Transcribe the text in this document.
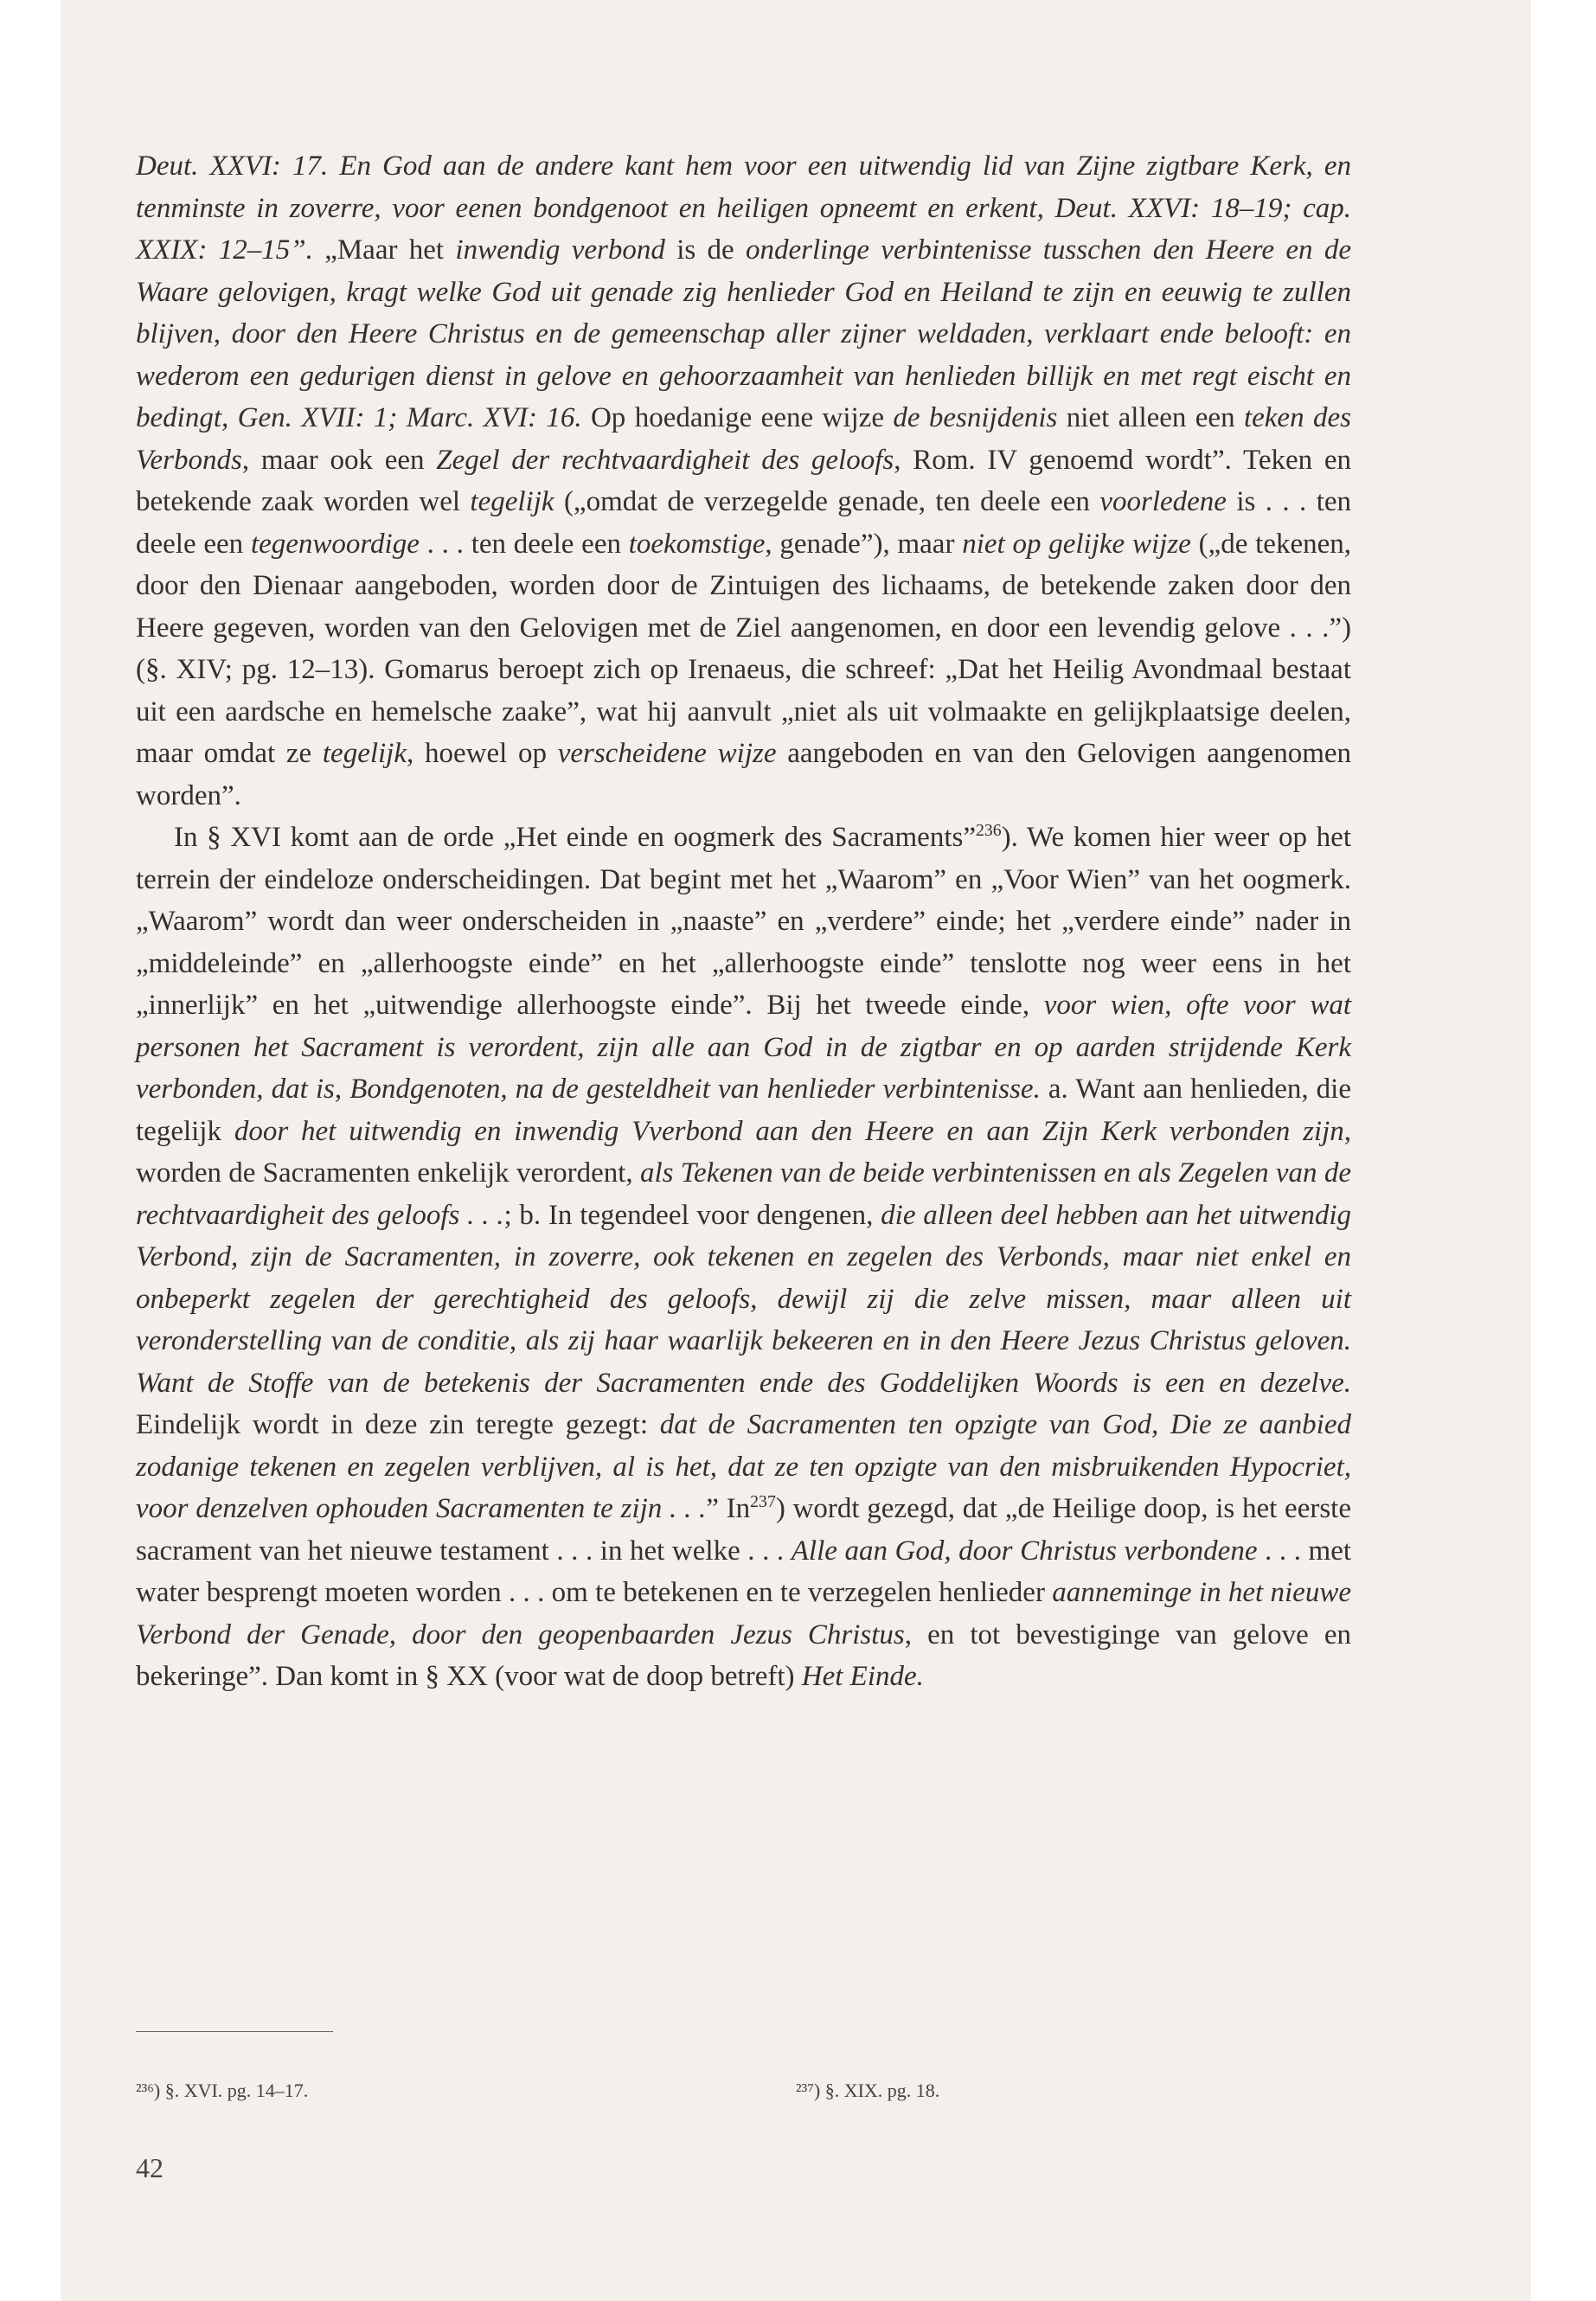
Deut. XXVI: 17. En God aan de andere kant hem voor een uitwendig lid van Zijne zigtbare Kerk, en tenminste in zoverre, voor eenen bondgenoot en heiligen opneemt en erkent, Deut. XXVI: 18–19; cap. XXIX: 12–15”. „Maar het inwendig verbond is de onderlinge verbintenisse tusschen den Heere en de Waare gelovigen, kragt welke God uit genade zig henlieder God en Heiland te zijn en eeuwig te zullen blijven, door den Heere Christus en de gemeenschap aller zijner weldaden, verklaart ende belooft: en wederom een gedurigen dienst in gelove en gehoorzaamheit van henlieden billijk en met regt eischt en bedingt, Gen. XVII: 1; Marc. XVI: 16. Op hoedanige eene wijze de besnijdenis niet alleen een teken des Verbonds, maar ook een Zegel der rechtvaardigheit des geloofs, Rom. IV genoemd wordt”. Teken en betekende zaak worden wel tegelijk („omdat de verzegelde genade, ten deele een voorledene is . . . ten deele een tegenwoordige . . . ten deele een toekomstige, genade”), maar niet op gelijke wijze („de tekenen, door den Dienaar aangeboden, worden door de Zintuigen des lichaams, de betekende zaken door den Heere gegeven, worden van den Gelovigen met de Ziel aangenomen, en door een levendig gelove . . .”) (§. XIV; pg. 12–13). Gomarus beroept zich op Irenaeus, die schreef: „Dat het Heilig Avondmaal bestaat uit een aardsche en hemelsche zaake”, wat hij aanvult „niet als uit volmaakte en gelijkplaatsige deelen, maar omdat ze tegelijk, hoewel op verscheidene wijze aangeboden en van den Gelovigen aangenomen worden”.

In § XVI komt aan de orde „Het einde en oogmerk des Sacraments”$^{236}$). We komen hier weer op het terrein der eindeloze onderscheidingen. Dat begint met het „Waarom” en „Voor Wien” van het oogmerk. „Waarom” wordt dan weer onderscheiden in „naaste” en „verdere” einde; het „verdere einde” nader in „middeleinde” en „allerhoogste einde” en het „allerhoogste einde” tenslotte nog weer eens in het „innerlijk” en het „uitwendige allerhoogste einde”. Bij het tweede einde, voor wien, ofte voor wat personen het Sacrament is verordent, zijn alle aan God in de zigtbar en op aarden strijdende Kerk verbonden, dat is, Bondgenoten, na de gesteldheit van henlieder verbintenisse. a. Want aan henlieden, die tegelijk door het uitwendig en inwendig Vverbond aan den Heere en aan Zijn Kerk verbonden zijn, worden de Sacramenten enkelijk verordent, als Tekenen van de beide verbintenissen en als Zegelen van de rechtvaardigheit des geloofs . . .; b. In tegendeel voor dengenen, die alleen deel hebben aan het uitwendig Verbond, zijn de Sacramenten, in zoverre, ook tekenen en zegelen des Verbonds, maar niet enkel en onbeperkt zegelen der gerechtigheid des geloofs, dewijl zij die zelve missen, maar alleen uit veronderstelling van de conditie, als zij haar waarlijk bekeeren en in den Heere Jezus Christus geloven. Want de Stoffe van de betekenis der Sacramenten ende des Goddelijken Woords is een en dezelve. Eindelijk wordt in deze zin teregte gezegt: dat de Sacramenten ten opzigte van God, Die ze aanbied zodanige tekenen en zegelen verblijven, al is het, dat ze ten opzigte van den misbruikenden Hypocriet, voor denzelven ophouden Sacramenten te zijn . . .” In$^{237}$) wordt gezegd, dat „de Heilige doop, is het eerste sacrament van het nieuwe testament . . . in het welke . . . Alle aan God, door Christus verbondene . . . met water besprengt moeten worden . . . om te betekenen en te verzegelen henlieder aanneminge in het nieuwe Verbond der Genade, door den geopenbaarden Jezus Christus, en tot bevestiginge van gelove en bekeringe”. Dan komt in § XX (voor wat de doop betreft) Het Einde.

²³⁶) §. XVI. pg. 14–17.	²³⁷) §. XIX. pg. 18.
42
